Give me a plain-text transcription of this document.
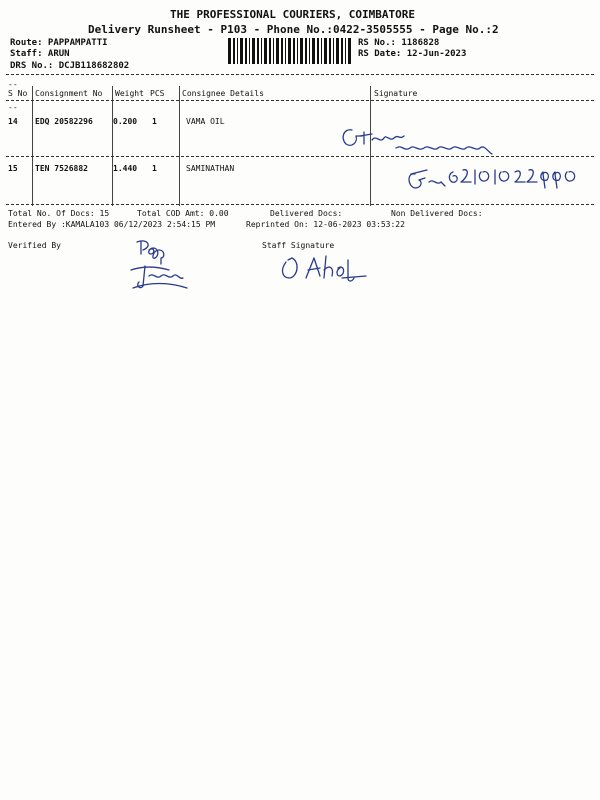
THE PROFESSIONAL COURIERS, COIMBATORE
Delivery Runsheet - P103 - Phone No.:0422-3505555 - Page No.:2
Route: PAPPAMPATTI
Staff: ARUN
DRS No.: DCJB118682802
RS No.: 1186828
RS Date: 12-Jun-2023
--
S No Consignment No Weight PCS Consignee Details	Signature
--
14 EDQ 20582296	0.200 1	VAMA OIL
15 TEN 7526882	1.440 1	SAMINATHAN
Total No. Of Docs: 15	Total COD Amt: 0.00	Delivered Docs:	Non Delivered Docs:
Entered By :KAMALA103 06/12/2023 2:54:15 PM	Reprinted On: 12-06-2023 03:53:22
Verified By	Staff Signature
